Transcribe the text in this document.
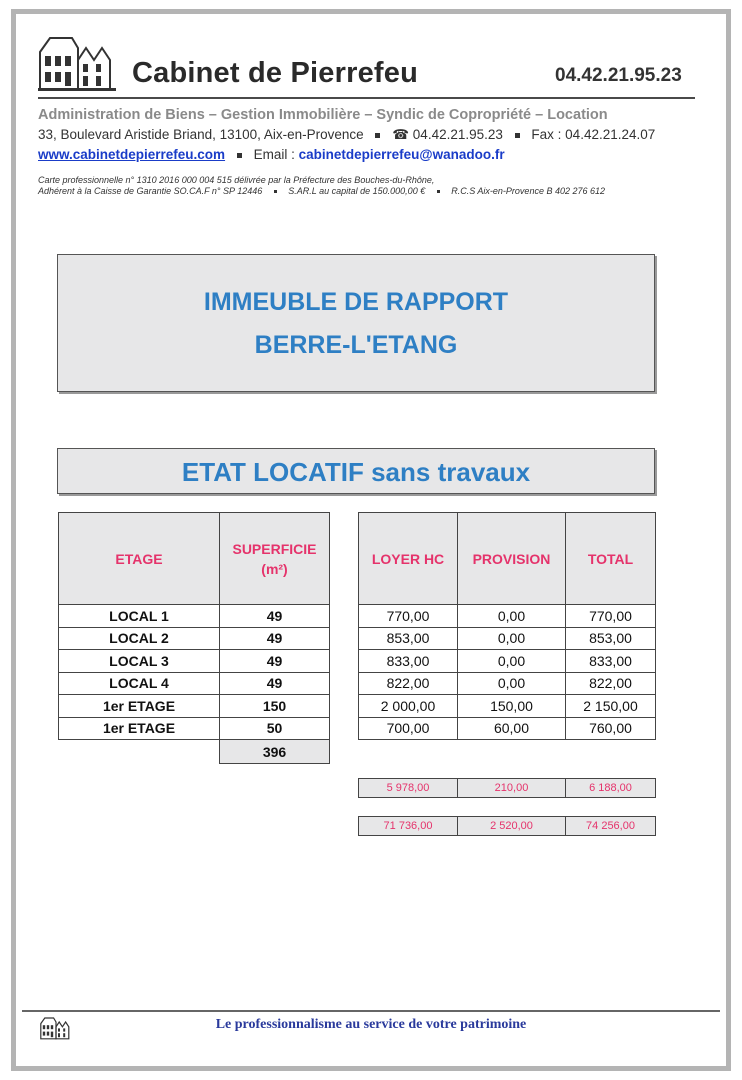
Cabinet de Pierrefeu	04.42.21.95.23
Administration de Biens – Gestion Immobilière – Syndic de Copropriété – Location
33, Boulevard Aristide Briand, 13100, Aix-en-Provence ☎ 04.42.21.95.23 Fax : 04.42.21.24.07
www.cabinetdepierrefeu.com Email : cabinetdepierrefeu@wanadoo.fr
Carte professionnelle n° 1310 2016 000 004 515 délivrée par la Préfecture des Bouches-du-Rhône,
Adhérent à la Caisse de Garantie SO.CA.F n° SP 12446	S.AR.L au capital de 150.000,00 €	R.C.S Aix-en-Provence B 402 276 612
IMMEUBLE DE RAPPORT
BERRE-L'ETANG
ETAT LOCATIF sans travaux
ETAGE	SUPERFICIE
(m²)

LOCAL 1	49
LOCAL 2	49
LOCAL 3	49
LOCAL 4	49
1er ETAGE	150
1er ETAGE	50
	396
LOYER HC	PROVISION	TOTAL
770,00	0,00	770,00
853,00	0,00	853,00
833,00	0,00	833,00
822,00	0,00	822,00
2 000,00	150,00	2 150,00
700,00	60,00	760,00
5 978,00	210,00	6 188,00
71 736,00	2 520,00	74 256,00
Le professionnalisme au service de votre patrimoine
